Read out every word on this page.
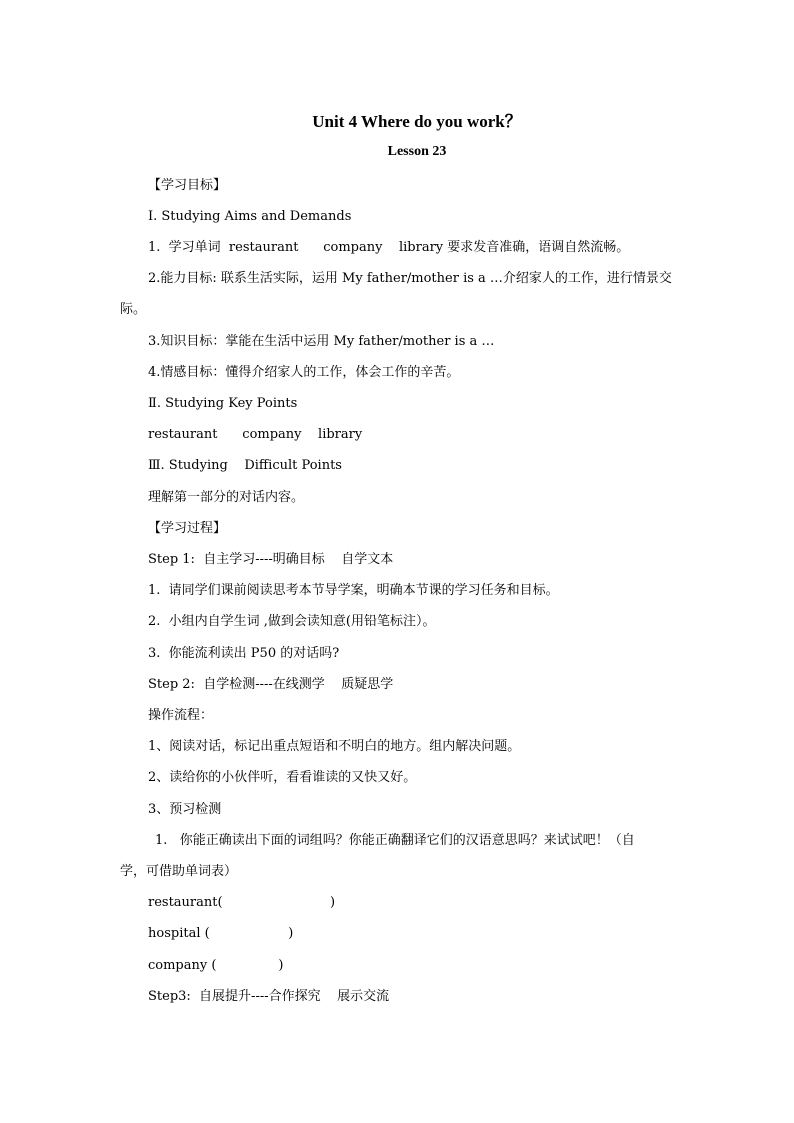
Unit 4 Where do you work？
Lesson 23
【学习目标】
Ⅰ. Studying Aims and Demands
1.  学习单词  restaurant      company    library 要求发音准确，语调自然流畅。
2.能力目标: 联系生活实际，运用 My father/mother is a …介绍家人的工作，进行情景交
际。
3.知识目标：掌能在生活中运用 My father/mother is a …
4.情感目标：懂得介绍家人的工作，体会工作的辛苦。
Ⅱ. Studying Key Points
restaurant      company    library
Ⅲ. Studying    Difficult Points
理解第一部分的对话内容。
【学习过程】
Step 1:  自主学习----明确目标    自学文本
1.  请同学们课前阅读思考本节导学案，明确本节课的学习任务和目标。
2.  小组内自学生词 ,做到会读知意(用铅笔标注）。
3.  你能流利读出 P50 的对话吗?
Step 2:  自学检测----在线测学    质疑思学
操作流程：
1、阅读对话，标记出重点短语和不明白的地方。组内解决问题。
2、读给你的小伙伴听，看看谁读的又快又好。
3、预习检测
1.   你能正确读出下面的词组吗？你能正确翻译它们的汉语意思吗？来试试吧！（自
学，可借助单词表）
restaurant(                          )
hospital (                   )
company (               )
Step3:  自展提升----合作探究    展示交流
